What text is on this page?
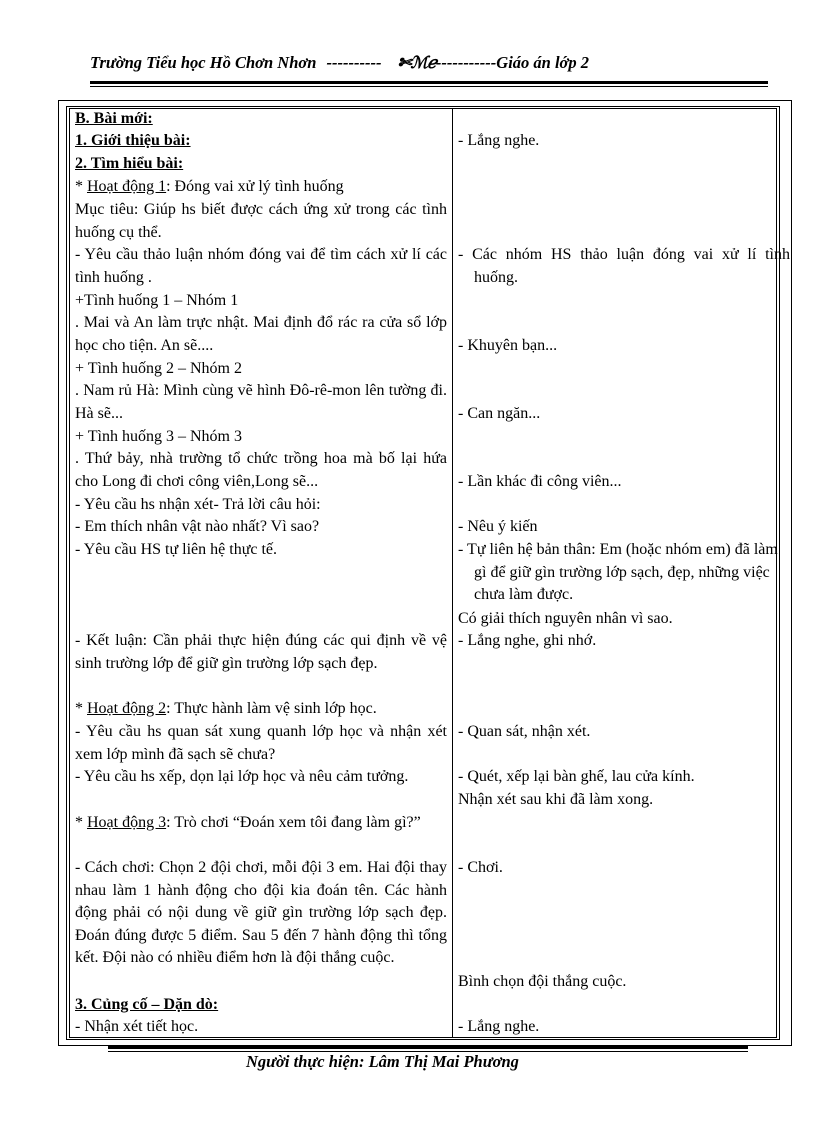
Trường Tiểu học Hồ Chơn Nhơn ---------- ✄ℳℯ-----------Giáo án lớp 2

B. Bài mới:

1. Giới thiệu bài:

2. Tìm hiểu bài:

* Hoạt động 1: Đóng vai xử lý tình huống

Mục tiêu: Giúp hs biết được cách ứng xử trong các tình huống cụ thể.

- Yêu cầu thảo luận nhóm đóng vai để tìm cách xử lí các tình huống .

+Tình huống 1 – Nhóm 1

. Mai và An làm trực nhật. Mai định đổ rác ra cửa sổ lớp học cho tiện. An sẽ....

+ Tình huống 2 – Nhóm 2

. Nam rủ Hà: Mình cùng vẽ hình Đô-rê-mon lên tường đi. Hà sẽ...

+ Tình huống 3 – Nhóm 3

. Thứ bảy, nhà trường tổ chức trồng hoa mà bố lại hứa cho Long đi chơi công viên,Long sẽ...

- Yêu cầu hs nhận xét- Trả lời câu hỏi:

- Em thích nhân vật nào nhất? Vì sao?

- Yêu cầu HS tự liên hệ thực tế.

- Kết luận: Cần phải thực hiện đúng các qui định về vệ sinh trường lớp để giữ gìn trường lớp sạch đẹp.

* Hoạt động 2: Thực hành làm vệ sinh lớp học.

- Yêu cầu hs quan sát xung quanh lớp học và nhận xét xem lớp mình đã sạch sẽ chưa?

- Yêu cầu hs xếp, dọn lại lớp học và nêu cảm tưởng.

* Hoạt động 3: Trò chơi “Đoán xem tôi đang làm gì?”

- Cách chơi: Chọn 2 đội chơi, mỗi đội 3 em. Hai đội thay nhau làm 1 hành động cho đội kia đoán tên. Các hành động phải có nội dung về giữ gìn trường lớp sạch đẹp. Đoán đúng được 5 điểm. Sau 5 đến 7 hành động thì tổng kết. Đội nào có nhiều điểm hơn là đội thắng cuộc.

3. Củng cố – Dặn dò:

- Nhận xét tiết học.

- Lắng nghe.

- Các nhóm HS thảo luận đóng vai xử lí tình huống.

- Khuyên bạn...

- Can ngăn...

- Lần khác đi công viên...

- Nêu ý kiến

- Tự liên hệ bản thân: Em (hoặc nhóm em) đã làm gì để giữ gìn trường lớp sạch, đẹp, những việc chưa làm được.

Có giải thích nguyên nhân vì sao.

- Lắng nghe, ghi nhớ.

- Quan sát, nhận xét.

- Quét, xếp lại bàn ghế, lau cửa kính.

Nhận xét sau khi đã làm xong.

- Chơi.

Bình chọn đội thắng cuộc.

- Lắng nghe.

Người thực hiện: Lâm Thị Mai Phương
